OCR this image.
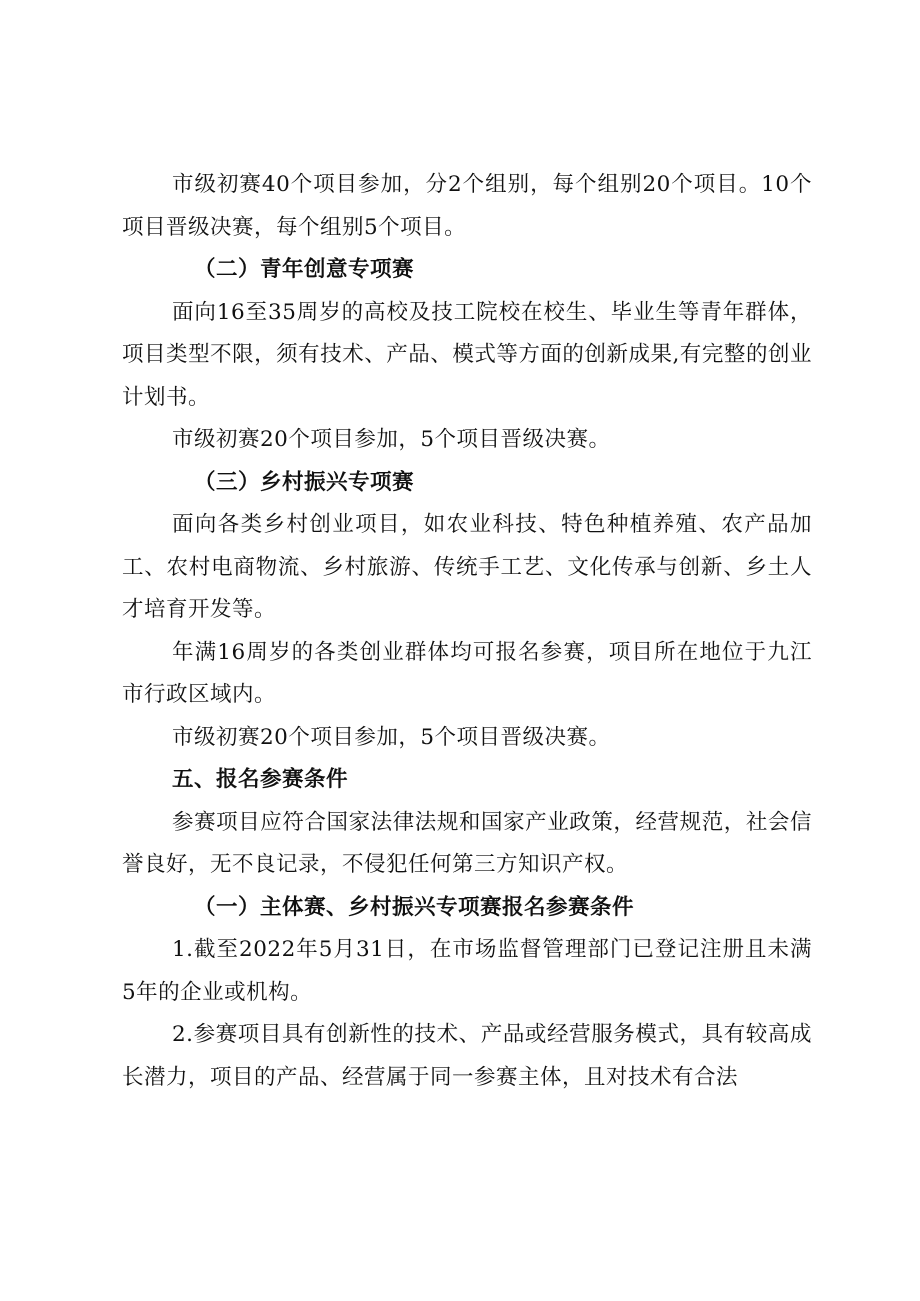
市级初赛40个项目参加，分2个组别，每个组别20个项目。10个项目晋级决赛，每个组别5个项目。

（二）青年创意专项赛

面向16至35周岁的高校及技工院校在校生、毕业生等青年群体，项目类型不限，须有技术、产品、模式等方面的创新成果,有完整的创业计划书。

市级初赛20个项目参加，5个项目晋级决赛。

（三）乡村振兴专项赛

面向各类乡村创业项目，如农业科技、特色种植养殖、农产品加工、农村电商物流、乡村旅游、传统手工艺、文化传承与创新、乡土人才培育开发等。

年满16周岁的各类创业群体均可报名参赛，项目所在地位于九江市行政区域内。

市级初赛20个项目参加，5个项目晋级决赛。

五、报名参赛条件

参赛项目应符合国家法律法规和国家产业政策，经营规范，社会信誉良好，无不良记录，不侵犯任何第三方知识产权。

（一）主体赛、乡村振兴专项赛报名参赛条件

1.截至2022年5月31日，在市场监督管理部门已登记注册且未满5年的企业或机构。

2.参赛项目具有创新性的技术、产品或经营服务模式，具有较高成长潜力，项目的产品、经营属于同一参赛主体，且对技术有合法
